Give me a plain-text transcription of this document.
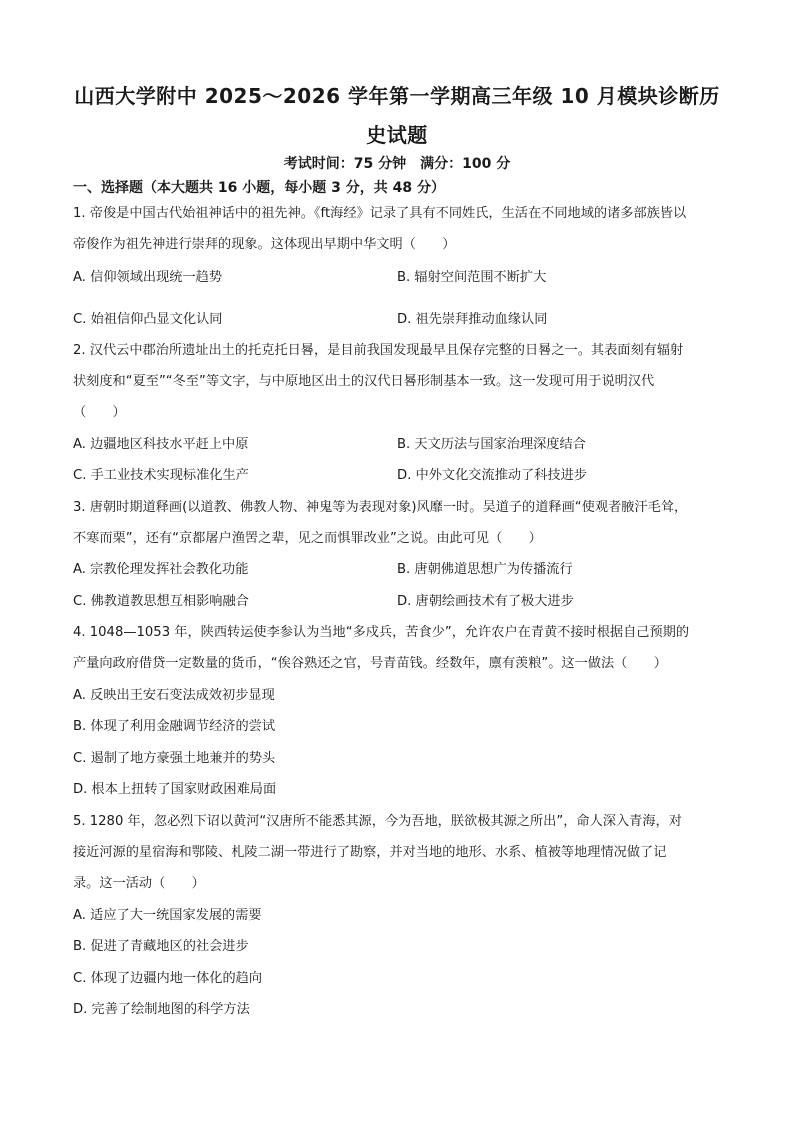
山西大学附中 2025～2026 学年第一学期高三年级 10 月模块诊断历
史试题
考试时间：75 分钟　满分：100 分
一、选择题（本大题共 16 小题，每小题 3 分，共 48 分）
1. 帝俊是中国古代始祖神话中的祖先神。《ft海经》记录了具有不同姓氏，生活在不同地域的诸多部族皆以
帝俊作为祖先神进行崇拜的现象。这体现出早期中华文明（　　）
A. 信仰领域出现统一趋势	B. 辐射空间范围不断扩大
C. 始祖信仰凸显文化认同	D. 祖先崇拜推动血缘认同
2. 汉代云中郡治所遗址出土的托克托日晷，是目前我国发现最早且保存完整的日晷之一。其表面刻有辐射
状刻度和“夏至”“冬至”等文字，与中原地区出土的汉代日晷形制基本一致。这一发现可用于说明汉代
（　　）
A. 边疆地区科技水平赶上中原	B. 天文历法与国家治理深度结合
C. 手工业技术实现标准化生产	D. 中外文化交流推动了科技进步
3. 唐朝时期道释画(以道教、佛教人物、神鬼等为表现对象)风靡一时。吴道子的道释画“使观者腋汗毛耸，
不寒而栗”，还有“京都屠户渔罟之辈，见之而惧罪改业”之说。由此可见（　　）
A. 宗教伦理发挥社会教化功能	B. 唐朝佛道思想广为传播流行
C. 佛教道教思想互相影响融合	D. 唐朝绘画技术有了极大进步
4. 1048—1053 年，陕西转运使李参认为当地“多戍兵，苦食少”，允许农户在青黄不接时根据自己预期的
产量向政府借贷一定数量的货币，“俟谷熟还之官，号青苗钱。经数年，廪有羡粮”。这一做法（　　）
A. 反映出王安石变法成效初步显现
B. 体现了利用金融调节经济的尝试
C. 遏制了地方豪强土地兼并的势头
D. 根本上扭转了国家财政困难局面
5. 1280 年，忽必烈下诏以黄河“汉唐所不能悉其源，今为吾地，朕欲极其源之所出”，命人深入青海，对
接近河源的星宿海和鄂陵、札陵二湖一带进行了勘察，并对当地的地形、水系、植被等地理情况做了记
录。这一活动（　　）
A. 适应了大一统国家发展的需要
B. 促进了青藏地区的社会进步
C. 体现了边疆内地一体化的趋向
D. 完善了绘制地图的科学方法
